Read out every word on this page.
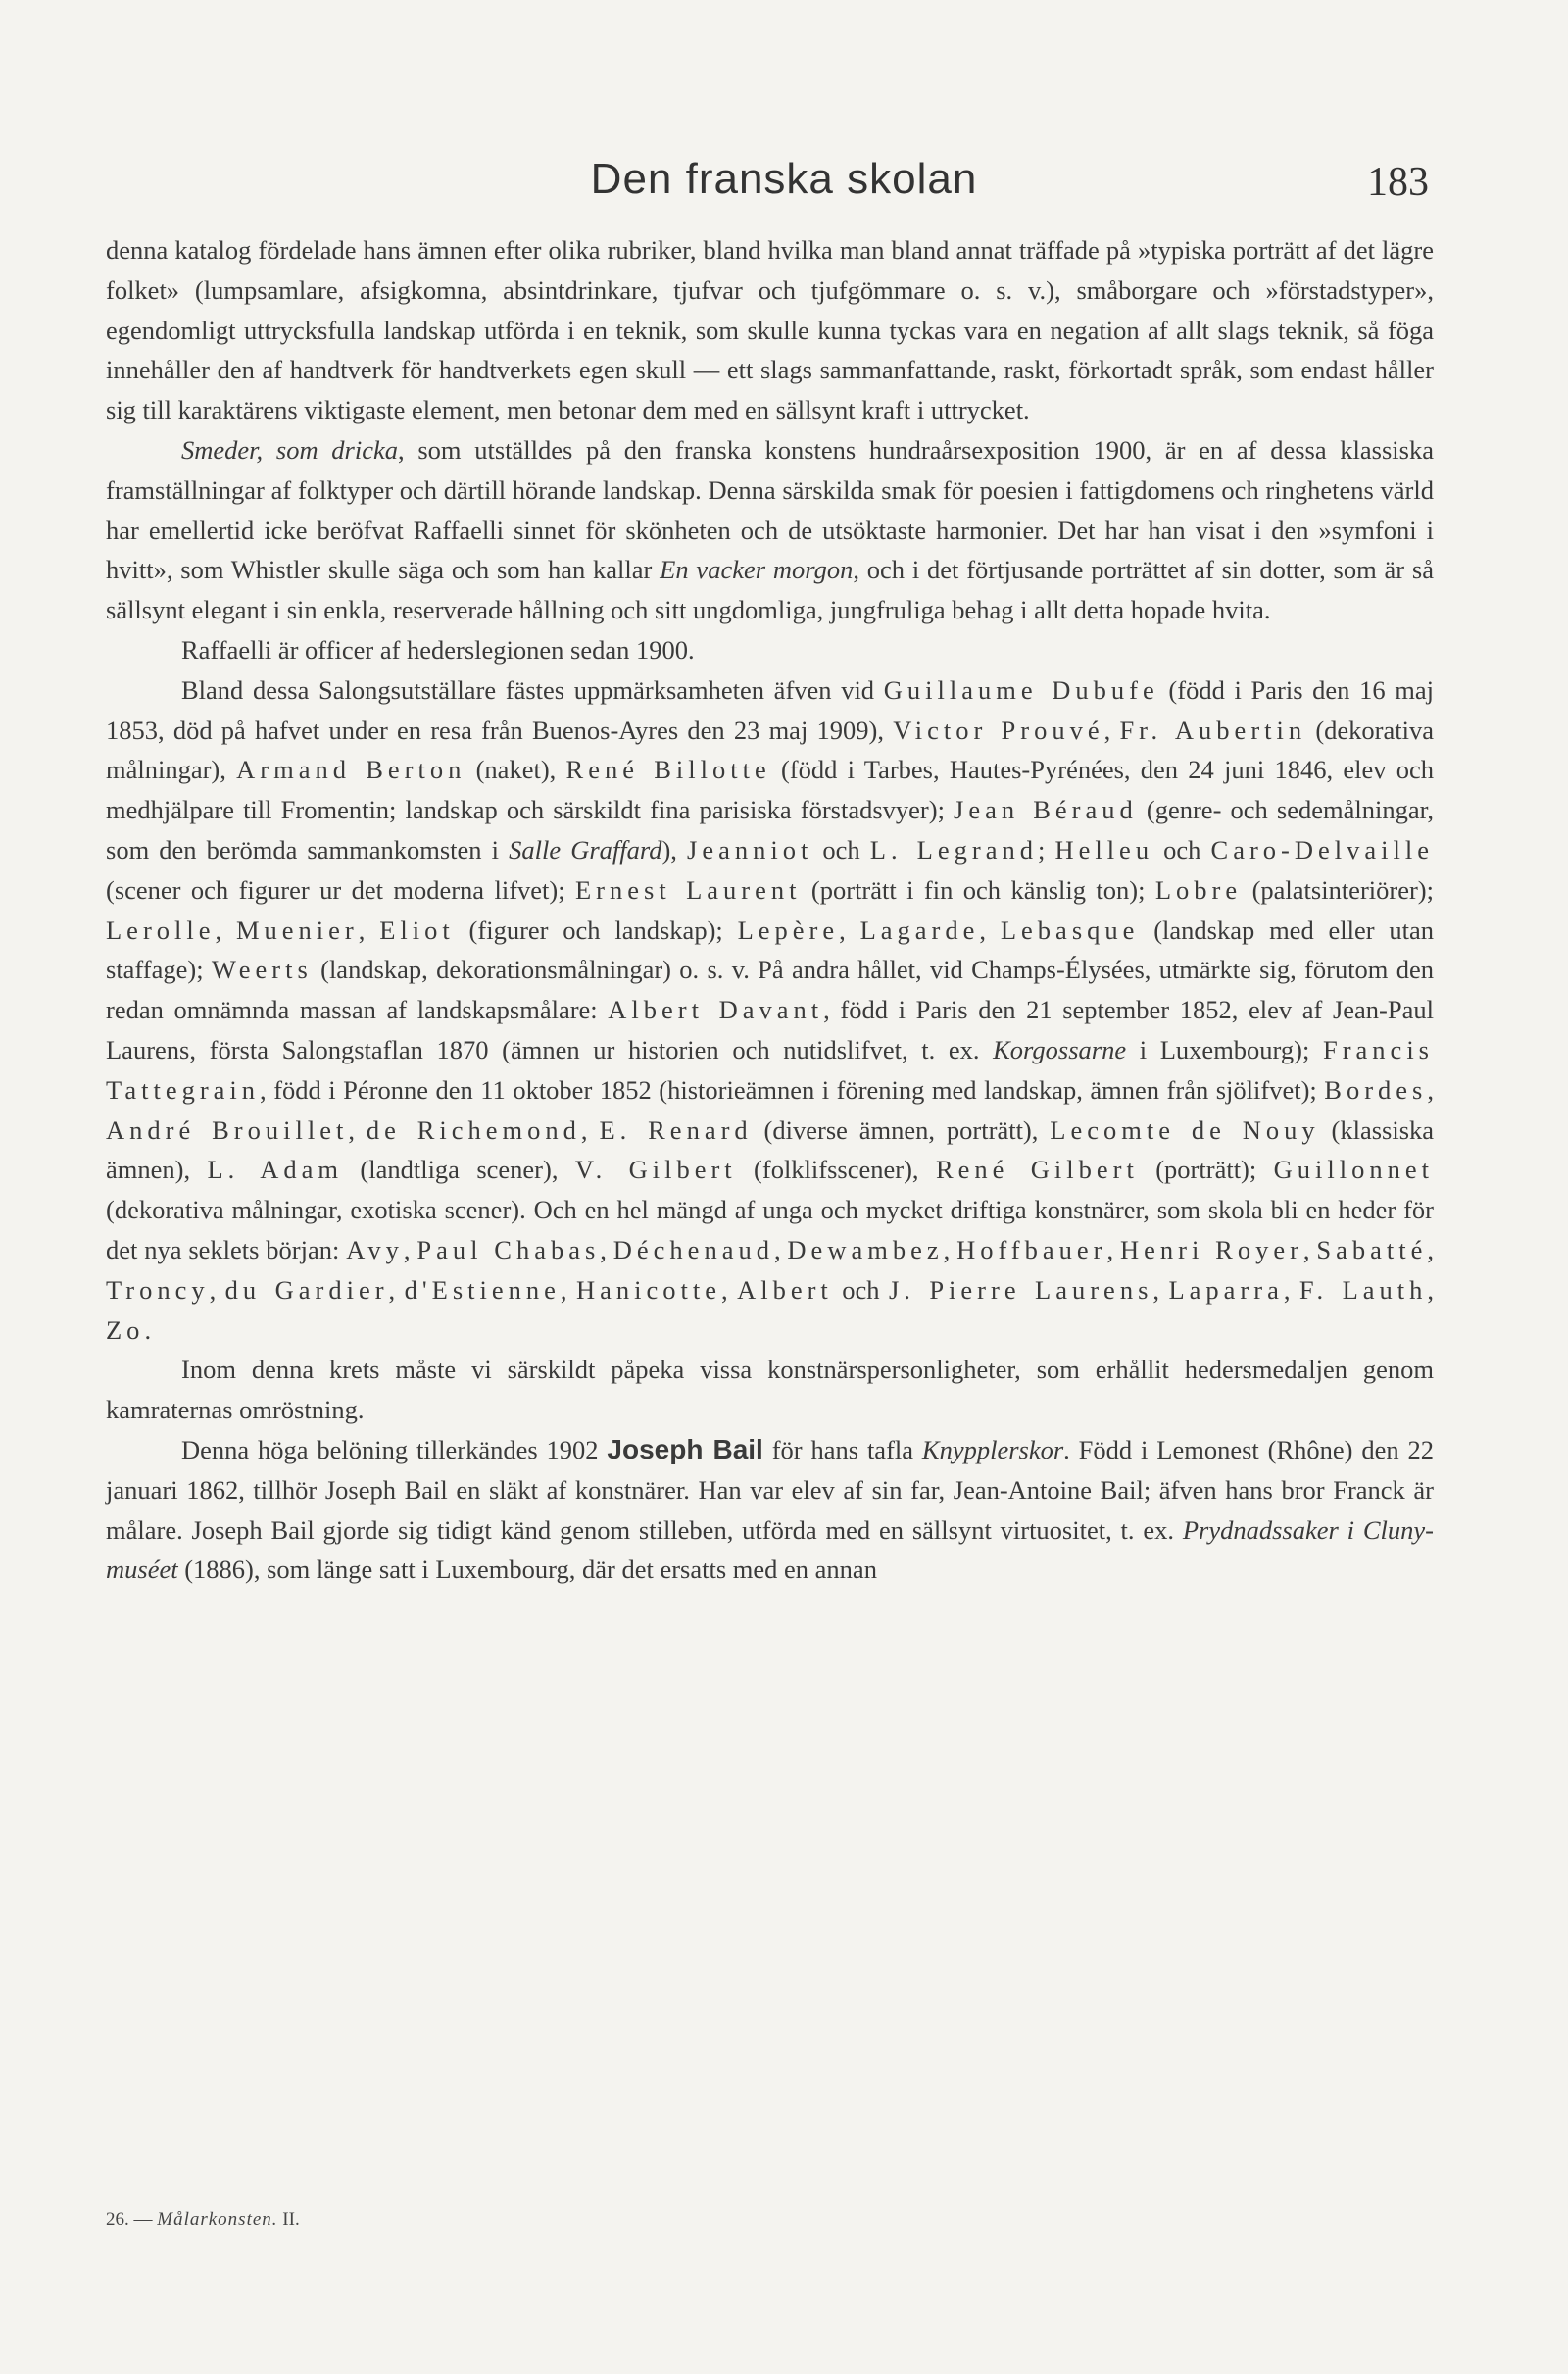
Den franska skolan	183

denna katalog fördelade hans ämnen efter olika rubriker, bland hvilka man bland annat träffade på »typiska porträtt af det lägre folket» (lumpsamlare, afsigkomna, absintdrinkare, tjufvar och tjufgömmare o. s. v.), småborgare och »förstadstyper», egendomligt uttrycksfulla landskap utförda i en teknik, som skulle kunna tyckas vara en negation af allt slags teknik, så föga innehåller den af handtverk för handtverkets egen skull — ett slags sammanfattande, raskt, förkortadt språk, som endast håller sig till karaktärens viktigaste element, men betonar dem med en sällsynt kraft i uttrycket.

Smeder, som dricka, som utställdes på den franska konstens hundraårsexposition 1900, är en af dessa klassiska framställningar af folktyper och därtill hörande landskap. Denna särskilda smak för poesien i fattigdomens och ringhetens värld har emellertid icke beröfvat Raffaelli sinnet för skönheten och de utsöktaste harmonier. Det har han visat i den »symfoni i hvitt», som Whistler skulle säga och som han kallar En vacker morgon, och i det förtjusande porträttet af sin dotter, som är så sällsynt elegant i sin enkla, reserverade hållning och sitt ungdomliga, jungfruliga behag i allt detta hopade hvita.

Raffaelli är officer af hederslegionen sedan 1900.

Bland dessa Salongsutställare fästes uppmärksamheten äfven vid Guillaume Dubufe (född i Paris den 16 maj 1853, död på hafvet under en resa från Buenos-Ayres den 23 maj 1909), Victor Prouvé, Fr. Aubertin (dekorativa målningar), Armand Berton (naket), René Billotte (född i Tarbes, Hautes-Pyrénées, den 24 juni 1846, elev och medhjälpare till Fromentin; landskap och särskildt fina parisiska förstadsvyer); Jean Béraud (genre- och sedemålningar, som den berömda sammankomsten i Salle Graffard), Jeanniot och L. Legrand; Helleu och Caro-Delvaille (scener och figurer ur det moderna lifvet); Ernest Laurent (porträtt i fin och känslig ton); Lobre (palatsinteriörer); Lerolle, Muenier, Eliot (figurer och landskap); Lepère, Lagarde, Lebasque (landskap med eller utan staffage); Weerts (landskap, dekorationsmålningar) o. s. v. På andra hållet, vid Champs-Élysées, utmärkte sig, förutom den redan omnämnda massan af landskapsmålare: Albert Davant, född i Paris den 21 september 1852, elev af Jean-Paul Laurens, första Salongstaflan 1870 (ämnen ur historien och nutidslifvet, t. ex. Korgossarne i Luxembourg); Francis Tattegrain, född i Péronne den 11 oktober 1852 (historieämnen i förening med landskap, ämnen från sjölifvet); Bordes, André Brouillet, de Richemond, E. Renard (diverse ämnen, porträtt), Lecomte de Nouy (klassiska ämnen), L. Adam (landtliga scener), V. Gilbert (folklifsscener), René Gilbert (porträtt); Guillonnet (dekorativa målningar, exotiska scener). Och en hel mängd af unga och mycket driftiga konstnärer, som skola bli en heder för det nya seklets början: Avy, Paul Chabas, Déchenaud, Dewambez, Hoffbauer, Henri Royer, Sabatté, Troncy, du Gardier, d'Estienne, Hanicotte, Albert och J. Pierre Laurens, Laparra, F. Lauth, Zo.

Inom denna krets måste vi särskildt påpeka vissa konstnärspersonligheter, som erhållit hedersmedaljen genom kamraternas omröstning.

Denna höga belöning tillerkändes 1902 Joseph Bail för hans tafla Knypplerskor. Född i Lemonest (Rhône) den 22 januari 1862, tillhör Joseph Bail en släkt af konstnärer. Han var elev af sin far, Jean-Antoine Bail; äfven hans bror Franck är målare. Joseph Bail gjorde sig tidigt känd genom stilleben, utförda med en sällsynt virtuositet, t. ex. Prydnadssaker i Cluny-muséet (1886), som länge satt i Luxembourg, där det ersatts med en annan

26. — Målarkonsten. II.
